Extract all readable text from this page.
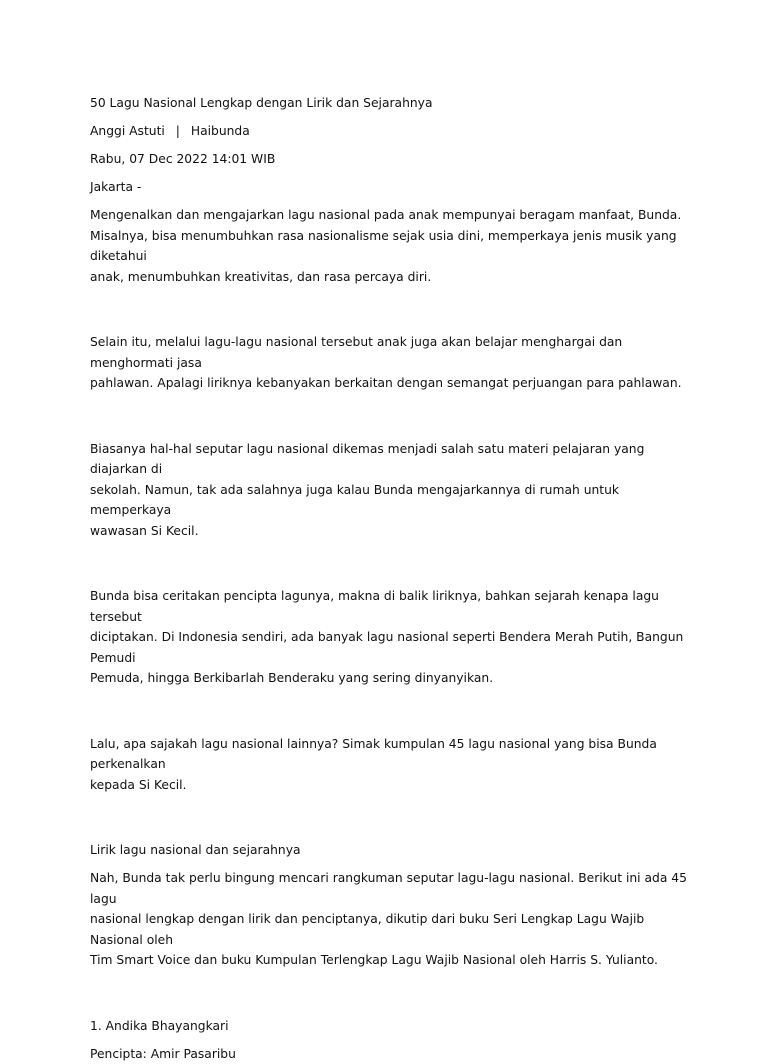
50 Lagu Nasional Lengkap dengan Lirik dan Sejarahnya

Anggi Astuti | Haibunda

Rabu, 07 Dec 2022 14:01 WIB

Jakarta -

Mengenalkan dan mengajarkan lagu nasional pada anak mempunyai beragam manfaat, Bunda.
Misalnya, bisa menumbuhkan rasa nasionalisme sejak usia dini, memperkaya jenis musik yang diketahui
anak, menumbuhkan kreativitas, dan rasa percaya diri.

Selain itu, melalui lagu-lagu nasional tersebut anak juga akan belajar menghargai dan menghormati jasa
pahlawan. Apalagi liriknya kebanyakan berkaitan dengan semangat perjuangan para pahlawan.

Biasanya hal-hal seputar lagu nasional dikemas menjadi salah satu materi pelajaran yang diajarkan di
sekolah. Namun, tak ada salahnya juga kalau Bunda mengajarkannya di rumah untuk memperkaya
wawasan Si Kecil.

Bunda bisa ceritakan pencipta lagunya, makna di balik liriknya, bahkan sejarah kenapa lagu tersebut
diciptakan. Di Indonesia sendiri, ada banyak lagu nasional seperti Bendera Merah Putih, Bangun Pemudi
Pemuda, hingga Berkibarlah Benderaku yang sering dinyanyikan.

Lalu, apa sajakah lagu nasional lainnya? Simak kumpulan 45 lagu nasional yang bisa Bunda perkenalkan
kepada Si Kecil.

Lirik lagu nasional dan sejarahnya

Nah, Bunda tak perlu bingung mencari rangkuman seputar lagu-lagu nasional. Berikut ini ada 45 lagu
nasional lengkap dengan lirik dan penciptanya, dikutip dari buku Seri Lengkap Lagu Wajib Nasional oleh
Tim Smart Voice dan buku Kumpulan Terlengkap Lagu Wajib Nasional oleh Harris S. Yulianto.

1. Andika Bhayangkari

Pencipta: Amir Pasaribu
